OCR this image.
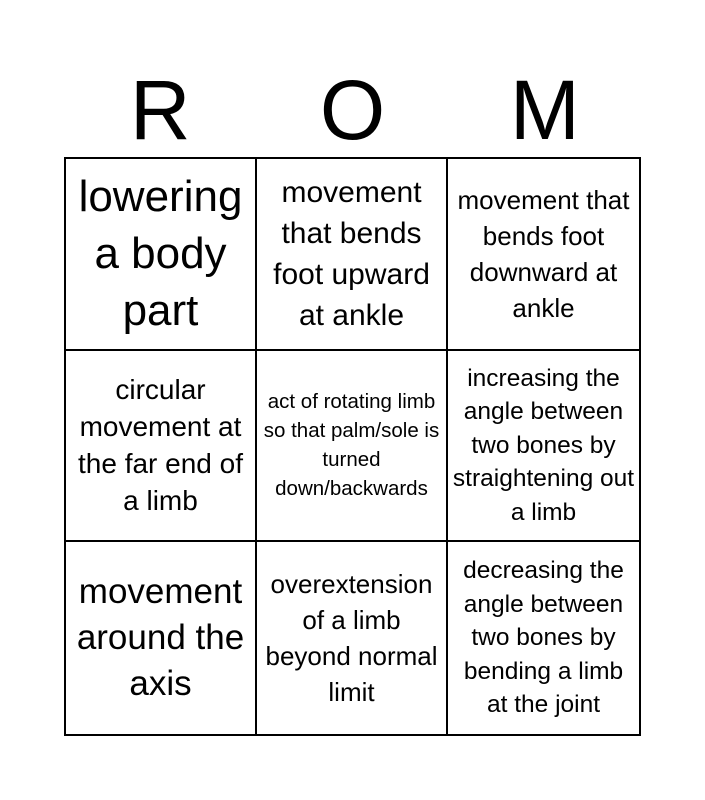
R	O	M
lowering a body part
movement that bends foot upward at ankle
movement that bends foot downward at ankle
circular movement at the far end of a limb
act of rotating limb so that palm/sole is turned down/backwards
increasing the angle between two bones by straightening out a limb
movement around the axis
overextension of a limb beyond normal limit
decreasing the angle between two bones by bending a limb at the joint
